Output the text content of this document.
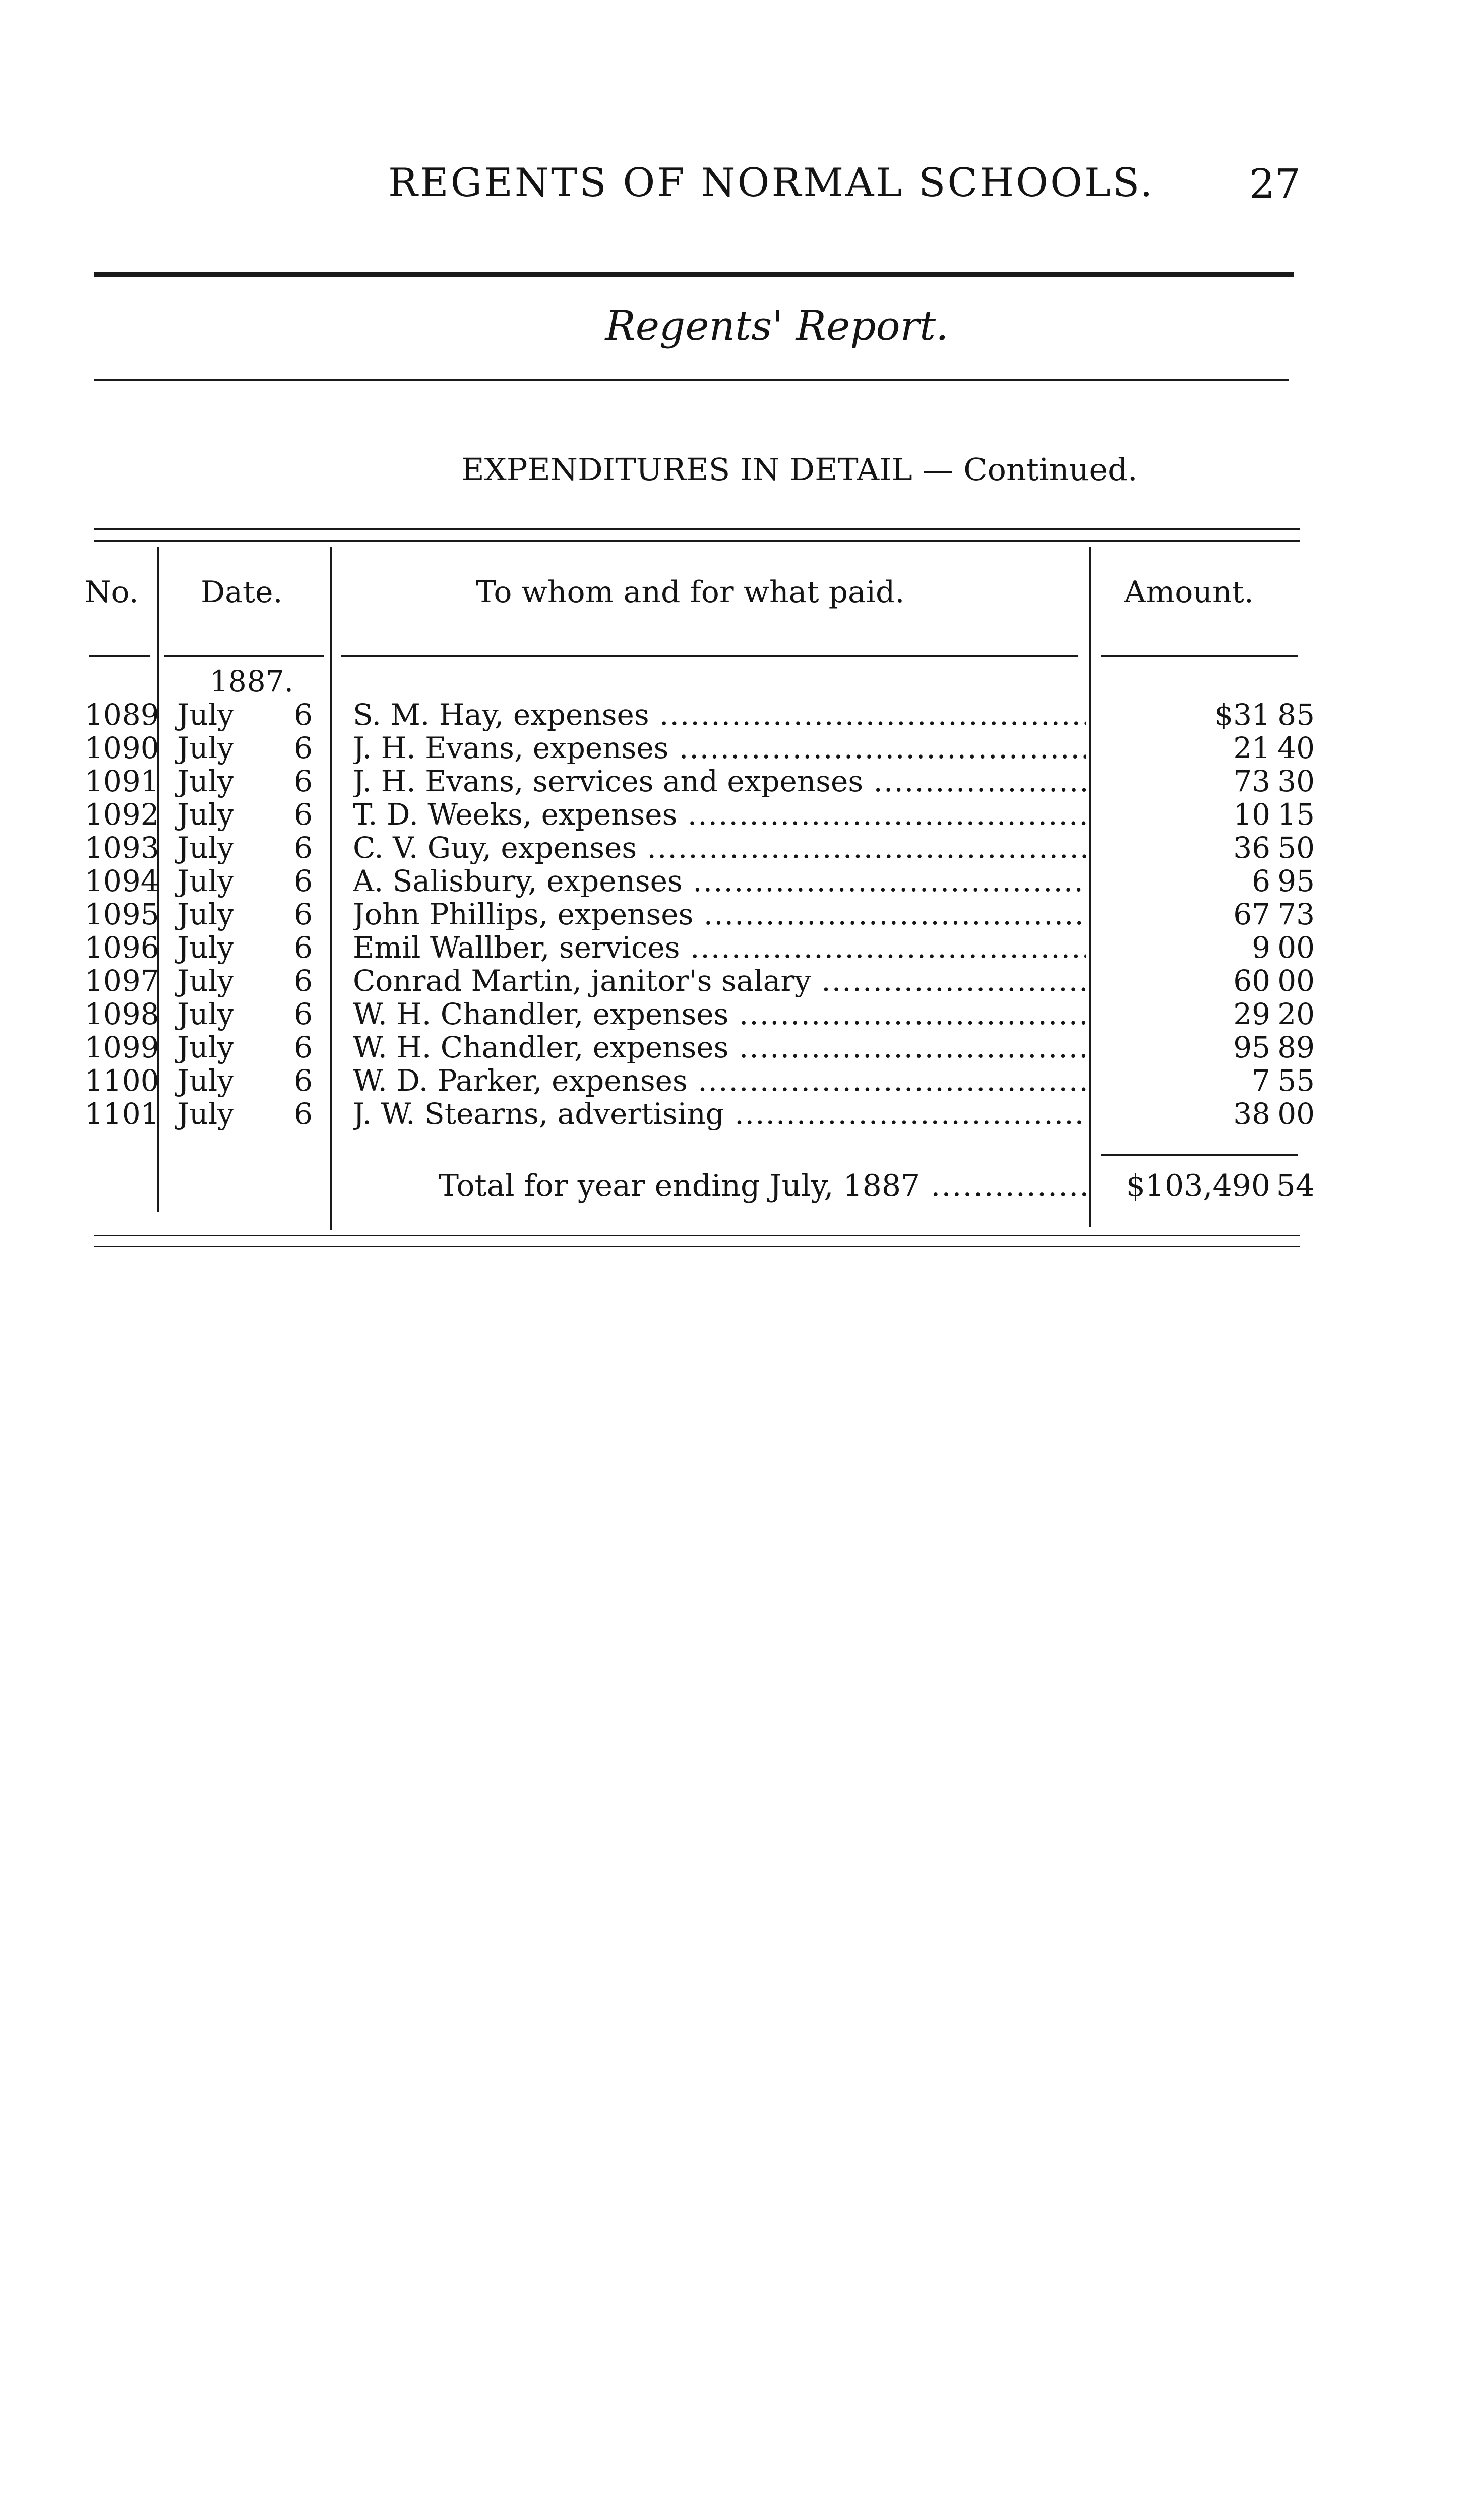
REGENTS OF NORMAL SCHOOLS. 27
Regents' Report.
EXPENDITURES IN DETAIL — Continued.
No. Date.	To whom and for what paid.	Amount.
1887.
1089 July	6 S. M. Hay, expenses .....	$31 85
1090 July	6 J. H. Evans, expenses .....	21 40
1091 July	6 J. H. Evans, services and expenses .....	73 30
1092 July	6 T. D. Weeks, expenses .....	10 15
1093 July	6 C. V. Guy, expenses .....	36 50
1094 July	6 A. Salisbury, expenses .....	6 95
1095 July	6 John Phillips, expenses .....	67 73
1096 July	6 Emil Wallber, services .....	9 00
1097 July	6 Conrad Martin, janitor's salary .....	60 00
1098 July	6 W. H. Chandler, expenses .....	29 20
1099 July	6 W. H. Chandler, expenses .....	95 89
1100 July	6 W. D. Parker, expenses .....	7 55
1101 July	6 J. W. Stearns, advertising .....	38 00
Total for year ending July, 1887 .....	$103,490 54
